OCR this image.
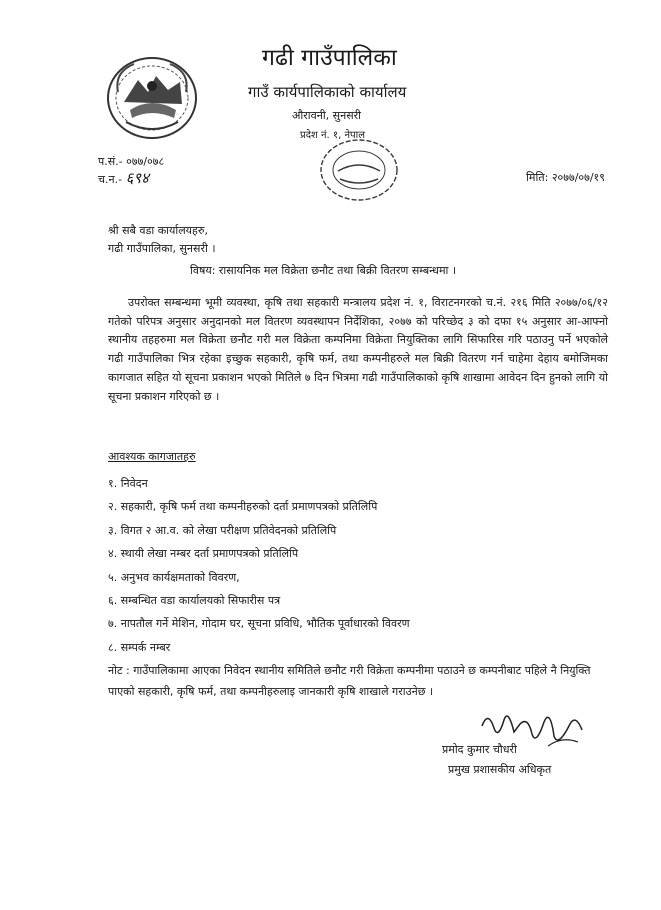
गढी गाउँपालिका
गाउँ कार्यपालिकाको कार्यालय
औरावनी, सुनसरी
प्रदेश नं. १, नेपाल
प.सं.- ०७७/०७८
च.न.- ६९४	मिति: २०७७/०७/१९
श्री सबै वडा कार्यालयहरु,
गढी गाउँपालिका, सुनसरी ।
विषय: रासायनिक मल विक्रेता छनौट तथा बिक्री वितरण सम्बन्धमा ।
उपरोक्त सम्बन्धमा भूमी व्यवस्था, कृषि तथा सहकारी मन्त्रालय प्रदेश नं. १, विराटनगरको च.नं. २१६ मिति २०७७/०६/१२ गतेको परिपत्र अनुसार अनुदानको मल वितरण व्यवस्थापन निर्देशिका, २०७७ को परिच्छेद ३ को दफा १५ अनुसार आ-आफ्नो स्थानीय तहहरुमा मल विक्रेता छनौट गरी मल विक्रेता कम्पनिमा विक्रेता नियुक्तिका लागि सिफारिस गरि पठाउनु पर्ने भएकोले गढी गाउँपालिका भित्र रहेका इच्छुक सहकारी, कृषि फर्म, तथा कम्पनीहरुले मल बिक्री वितरण गर्न चाहेमा देहाय बमोजिमका कागजात सहित यो सूचना प्रकाशन भएको मितिले ७ दिन भित्रमा गढी गाउँपालिकाको कृषि शाखामा आवेदन दिन हुनको लागि यो सूचना प्रकाशन गरिएको छ ।
आवश्यक कागजातहरु
१. निवेदन
२. सहकारी, कृषि फर्म तथा कम्पनीहरुको दर्ता प्रमाणपत्रको प्रतिलिपि
३. विगत २ आ.व. को लेखा परीक्षण प्रतिवेदनको प्रतिलिपि
४. स्थायी लेखा नम्बर दर्ता प्रमाणपत्रको प्रतिलिपि
५. अनुभव कार्यक्षमताको विवरण,
६. सम्बन्धित वडा कार्यालयको सिफारीस पत्र
७. नापतौल गर्ने मेशिन, गोदाम घर, सूचना प्रविधि, भौतिक पूर्वाधारको विवरण
८. सम्पर्क नम्बर
नोट : गाउँपालिकामा आएका निवेदन स्थानीय समितिले छनौट गरी विक्रेता कम्पनीमा पठाउने छ कम्पनीबाट पहिले नै नियुक्ति पाएको सहकारी, कृषि फर्म, तथा कम्पनीहरुलाइ जानकारी कृषि शाखाले गराउनेछ ।
प्रमोद कुमार चौधरी
प्रमुख प्रशासकीय अधिकृत
